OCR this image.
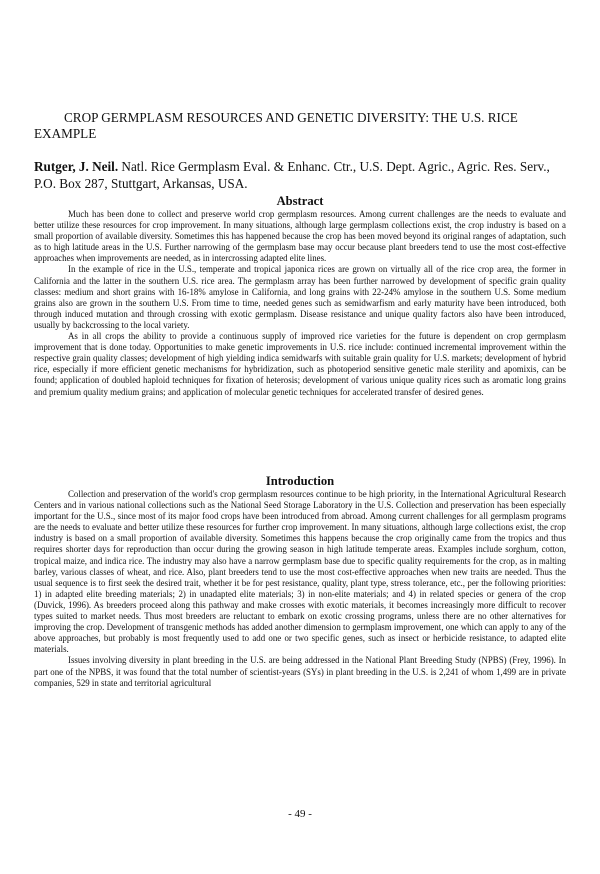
CROP GERMPLASM RESOURCES AND GENETIC DIVERSITY: THE U.S. RICE EXAMPLE
Rutger, J. Neil. Natl. Rice Germplasm Eval. & Enhanc. Ctr., U.S. Dept. Agric., Agric. Res. Serv., P.O. Box 287, Stuttgart, Arkansas, USA.
Abstract

Much has been done to collect and preserve world crop germplasm resources. Among current challenges are the needs to evaluate and better utilize these resources for crop improvement. In many situations, although large germplasm collections exist, the crop industry is based on a small proportion of available diversity. Sometimes this has happened because the crop has been moved beyond its original ranges of adaptation, such as to high latitude areas in the U.S. Further narrowing of the germplasm base may occur because plant breeders tend to use the most cost-effective approaches when improvements are needed, as in intercrossing adapted elite lines.

In the example of rice in the U.S., temperate and tropical japonica rices are grown on virtually all of the rice crop area, the former in California and the latter in the southern U.S. rice area. The germplasm array has been further narrowed by development of specific grain quality classes: medium and short grains with 16-18% amylose in California, and long grains with 22-24% amylose in the southern U.S. Some medium grains also are grown in the southern U.S. From time to time, needed genes such as semidwarfism and early maturity have been introduced, both through induced mutation and through crossing with exotic germplasm. Disease resistance and unique quality factors also have been introduced, usually by backcrossing to the local variety.

As in all crops the ability to provide a continuous supply of improved rice varieties for the future is dependent on crop germplasm improvement that is done today. Opportunities to make genetic improvements in U.S. rice include: continued incremental improvement within the respective grain quality classes; development of high yielding indica semidwarfs with suitable grain quality for U.S. markets; development of hybrid rice, especially if more efficient genetic mechanisms for hybridization, such as photoperiod sensitive genetic male sterility and apomixis, can be found; application of doubled haploid techniques for fixation of heterosis; development of various unique quality rices such as aromatic long grains and premium quality medium grains; and application of molecular genetic techniques for accelerated transfer of desired genes.

Introduction

Collection and preservation of the world's crop germplasm resources continue to be high priority, in the International Agricultural Research Centers and in various national collections such as the National Seed Storage Laboratory in the U.S. Collection and preservation has been especially important for the U.S., since most of its major food crops have been introduced from abroad. Among current challenges for all germplasm programs are the needs to evaluate and better utilize these resources for further crop improvement. In many situations, although large collections exist, the crop industry is based on a small proportion of available diversity. Sometimes this happens because the crop originally came from the tropics and thus requires shorter days for reproduction than occur during the growing season in high latitude temperate areas. Examples include sorghum, cotton, tropical maize, and indica rice. The industry may also have a narrow germplasm base due to specific quality requirements for the crop, as in malting barley, various classes of wheat, and rice. Also, plant breeders tend to use the most cost-effective approaches when new traits are needed. Thus the usual sequence is to first seek the desired trait, whether it be for pest resistance, quality, plant type, stress tolerance, etc., per the following priorities: 1) in adapted elite breeding materials; 2) in unadapted elite materials; 3) in non-elite materials; and 4) in related species or genera of the crop (Duvick, 1996). As breeders proceed along this pathway and make crosses with exotic materials, it becomes increasingly more difficult to recover types suited to market needs. Thus most breeders are reluctant to embark on exotic crossing programs, unless there are no other alternatives for improving the crop. Development of transgenic methods has added another dimension to germplasm improvement, one which can apply to any of the above approaches, but probably is most frequently used to add one or two specific genes, such as insect or herbicide resistance, to adapted elite materials.

Issues involving diversity in plant breeding in the U.S. are being addressed in the National Plant Breeding Study (NPBS) (Frey, 1996). In part one of the NPBS, it was found that the total number of scientist-years (SYs) in plant breeding in the U.S. is 2,241 of whom 1,499 are in private companies, 529 in state and territorial agricultural

- 49 -
